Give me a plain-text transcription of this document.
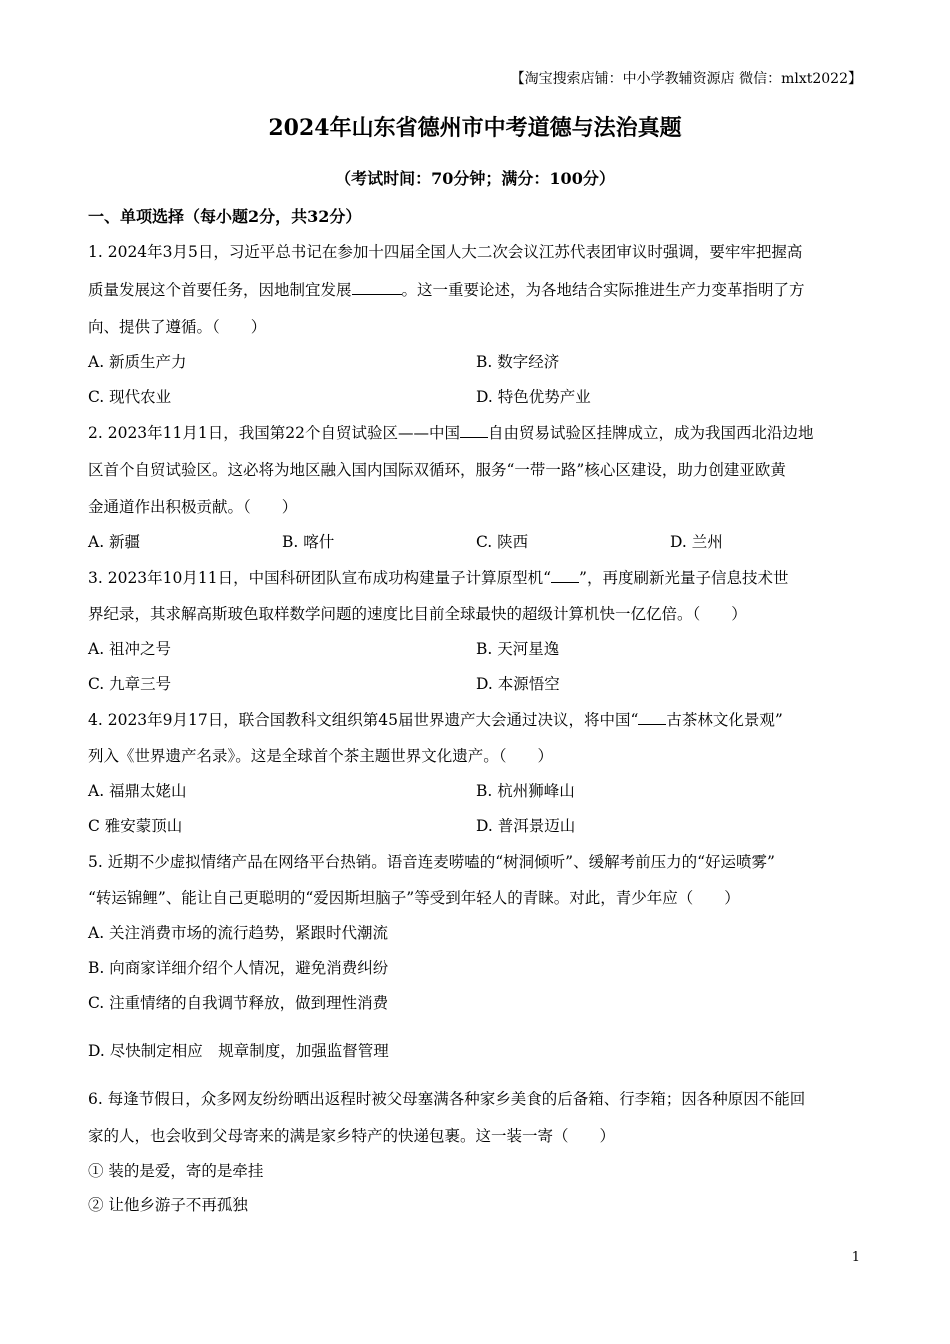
【淘宝搜索店铺：中小学教辅资源店 微信：mlxt2022】
2024年山东省德州市中考道德与法治真题
（考试时间：70分钟；满分：100分）
一、单项选择（每小题2分，共32分）
1. 2024年3月5日，习近平总书记在参加十四届全国人大二次会议江苏代表团审议时强调，要牢牢把握高
质量发展这个首要任务，因地制宜发展	。这一重要论述，为各地结合实际推进生产力变革指明了方
向、提供了遵循。（　　）
A. 新质生产力	B. 数字经济
C. 现代农业	D. 特色优势产业
2. 2023年11月1日，我国第22个自贸试验区——中国 自由贸易试验区挂牌成立，成为我国西北沿边地
区首个自贸试验区。这必将为地区融入国内国际双循环，服务“一带一路”核心区建设，助力创建亚欧黄
金通道作出积极贡献。（　　）
A. 新疆	B. 喀什	C. 陕西	D. 兰州
3. 2023年10月11日，中国科研团队宣布成功构建量子计算原型机“ ”，再度刷新光量子信息技术世
界纪录，其求解高斯玻色取样数学问题的速度比目前全球最快的超级计算机快一亿亿倍。（　　）
A. 祖冲之号	B. 天河星逸
C. 九章三号	D. 本源悟空
4. 2023年9月17日，联合国教科文组织第45届世界遗产大会通过决议，将中国“ 古茶林文化景观”
列入《世界遗产名录》。这是全球首个茶主题世界文化遗产。（　　）
A. 福鼎太姥山	B. 杭州狮峰山
C 雅安蒙顶山	D. 普洱景迈山
5. 近期不少虚拟情绪产品在网络平台热销。语音连麦唠嗑的“树洞倾听”、缓解考前压力的“好运喷雾”
“转运锦鲤”、能让自己更聪明的“爱因斯坦脑子”等受到年轻人的青睐。对此，青少年应（　　）
A. 关注消费市场的流行趋势，紧跟时代潮流
B. 向商家详细介绍个人情况，避免消费纠纷
C. 注重情绪的自我调节释放，做到理性消费
D. 尽快制定相应　规章制度，加强监督管理
6. 每逢节假日，众多网友纷纷晒出返程时被父母塞满各种家乡美食的后备箱、行李箱；因各种原因不能回
家的人，也会收到父母寄来的满是家乡特产的快递包裹。这一装一寄（　　）
① 装的是爱，寄的是牵挂
② 让他乡游子不再孤独
1
